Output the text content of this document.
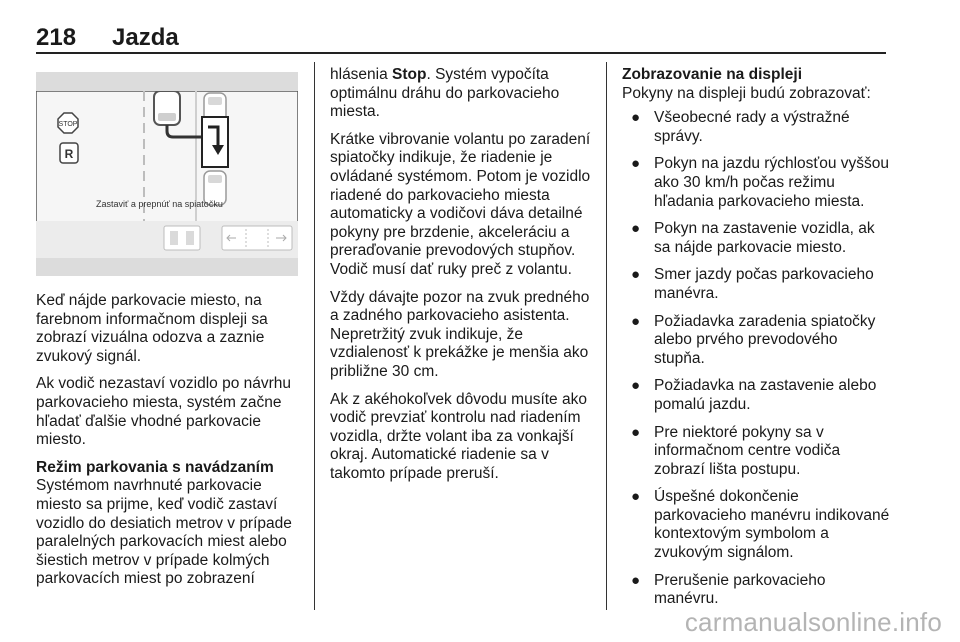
218 Jazda
STOP
R
Zastaviť a prepnúť na spiatočku

Keď nájde parkovacie miesto, na farebnom informačnom displeji sa zobrazí vizuálna odozva a zaznie zvukový signál.

Ak vodič nezastaví vozidlo po návrhu parkovacieho miesta, systém začne hľadať ďalšie vhodné parkovacie miesto.

Režim parkovania s navádzaním

Systémom navrhnuté parkovacie miesto sa prijme, keď vodič zastaví vozidlo do desiatich metrov v prípade paralelných parkovacích miest alebo šiestich metrov v prípade kolmých parkovacích miest po zobrazení

hlásenia Stop. Systém vypočíta optimálnu dráhu do parkovacieho miesta.

Krátke vibrovanie volantu po zaradení spiatočky indikuje, že riadenie je ovládané systémom. Potom je vozidlo riadené do parkovacieho miesta automaticky a vodičovi dáva detailné pokyny pre brzdenie, akceleráciu a preraďovanie prevodových stupňov. Vodič musí dať ruky preč z volantu.

Vždy dávajte pozor na zvuk predného a zadného parkovacieho asistenta. Nepretržitý zvuk indikuje, že vzdialenosť k prekážke je menšia ako približne 30 cm.

Ak z akéhokoľvek dôvodu musíte ako vodič prevziať kontrolu nad riadením vozidla, držte volant iba za vonkajší okraj. Automatické riadenie sa v takomto prípade preruší.

Zobrazovanie na displeji

Pokyny na displeji budú zobrazovať:

● Všeobecné rady a výstražné správy.
● Pokyn na jazdu rýchlosťou vyššou ako 30 km/h počas režimu hľadania parkovacieho miesta.
● Pokyn na zastavenie vozidla, ak sa nájde parkovacie miesto.
● Smer jazdy počas parkovacieho manévra.
● Požiadavka zaradenia spiatočky alebo prvého prevodového stupňa.
● Požiadavka na zastavenie alebo pomalú jazdu.
● Pre niektoré pokyny sa v informačnom centre vodiča zobrazí lišta postupu.
● Úspešné dokončenie parkovacieho manévru indikované kontextovým symbolom a zvukovým signálom.
● Prerušenie parkovacieho manévru.
carmanualsonline.info
